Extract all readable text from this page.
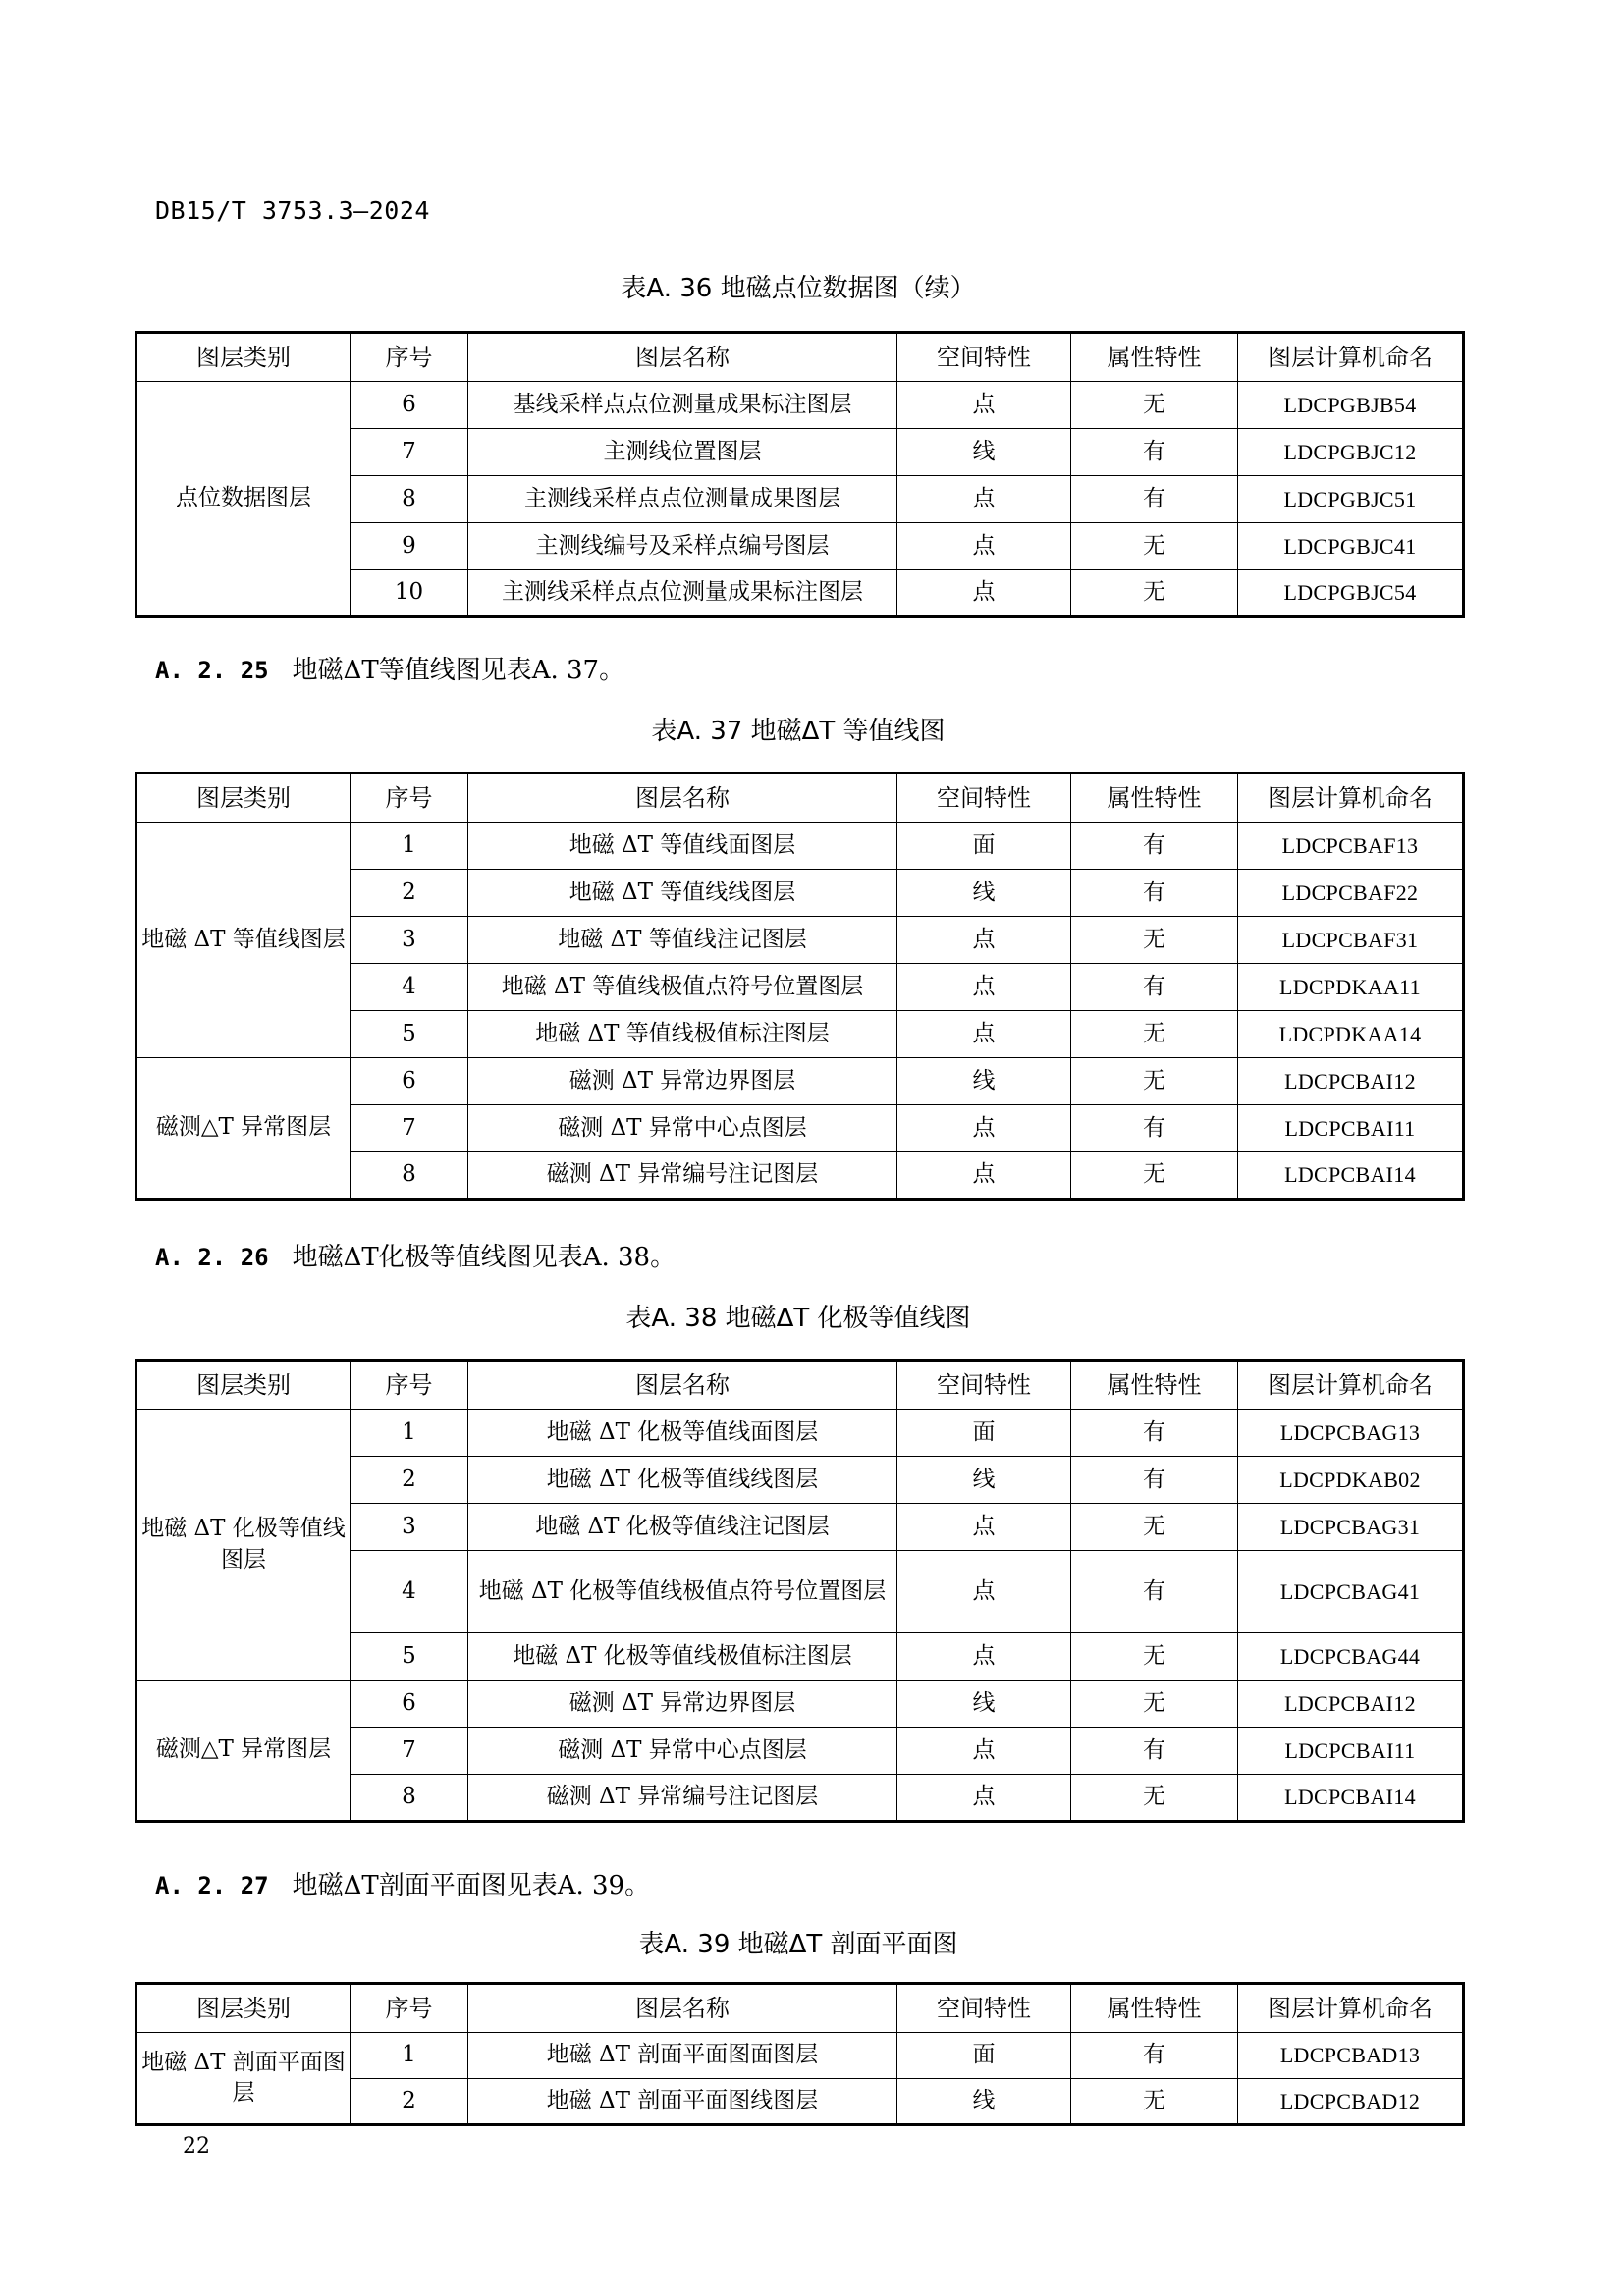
DB15/T 3753.3—2024
表A. 36 地磁点位数据图（续）
图层类别	序号	图层名称	空间特性	属性特性	图层计算机命名
点位数据图层	6	基线采样点点位测量成果标注图层	点	无	LDCPGBJB54
	7	主测线位置图层	线	有	LDCPGBJC12
	8	主测线采样点点位测量成果图层	点	有	LDCPGBJC51
	9	主测线编号及采样点编号图层	点	无	LDCPGBJC41
	10	主测线采样点点位测量成果标注图层	点	无	LDCPGBJC54
A. 2. 25 地磁ΔT等值线图见表A. 37。
表A. 37 地磁ΔT 等值线图
图层类别	序号	图层名称	空间特性	属性特性	图层计算机命名
地磁 ΔT 等值线图层	1	地磁 ΔT 等值线面图层	面	有	LDCPCBAF13
	2	地磁 ΔT 等值线线图层	线	有	LDCPCBAF22
	3	地磁 ΔT 等值线注记图层	点	无	LDCPCBAF31
	4	地磁 ΔT 等值线极值点符号位置图层	点	有	LDCPDKAA11
	5	地磁 ΔT 等值线极值标注图层	点	无	LDCPDKAA14
磁测△T 异常图层	6	磁测 ΔT 异常边界图层	线	无	LDCPCBAI12
	7	磁测 ΔT 异常中心点图层	点	有	LDCPCBAI11
	8	磁测 ΔT 异常编号注记图层	点	无	LDCPCBAI14
A. 2. 26 地磁ΔT化极等值线图见表A. 38。
表A. 38 地磁ΔT 化极等值线图
图层类别	序号	图层名称	空间特性	属性特性	图层计算机命名
地磁 ΔT 化极等值线图层	1	地磁 ΔT 化极等值线面图层	面	有	LDCPCBAG13
	2	地磁 ΔT 化极等值线线图层	线	有	LDCPDKAB02
	3	地磁 ΔT 化极等值线注记图层	点	无	LDCPCBAG31
	4	地磁 ΔT 化极等值线极值点符号位置图层	点	有	LDCPCBAG41
	5	地磁 ΔT 化极等值线极值标注图层	点	无	LDCPCBAG44
磁测△T 异常图层	6	磁测 ΔT 异常边界图层	线	无	LDCPCBAI12
	7	磁测 ΔT 异常中心点图层	点	有	LDCPCBAI11
	8	磁测 ΔT 异常编号注记图层	点	无	LDCPCBAI14
A. 2. 27 地磁ΔT剖面平面图见表A. 39。
表A. 39 地磁ΔT 剖面平面图
图层类别	序号	图层名称	空间特性	属性特性	图层计算机命名
地磁 ΔT 剖面平面图层	1	地磁 ΔT 剖面平面图面图层	面	有	LDCPCBAD13
	2	地磁 ΔT 剖面平面图线图层	线	无	LDCPCBAD12
22
